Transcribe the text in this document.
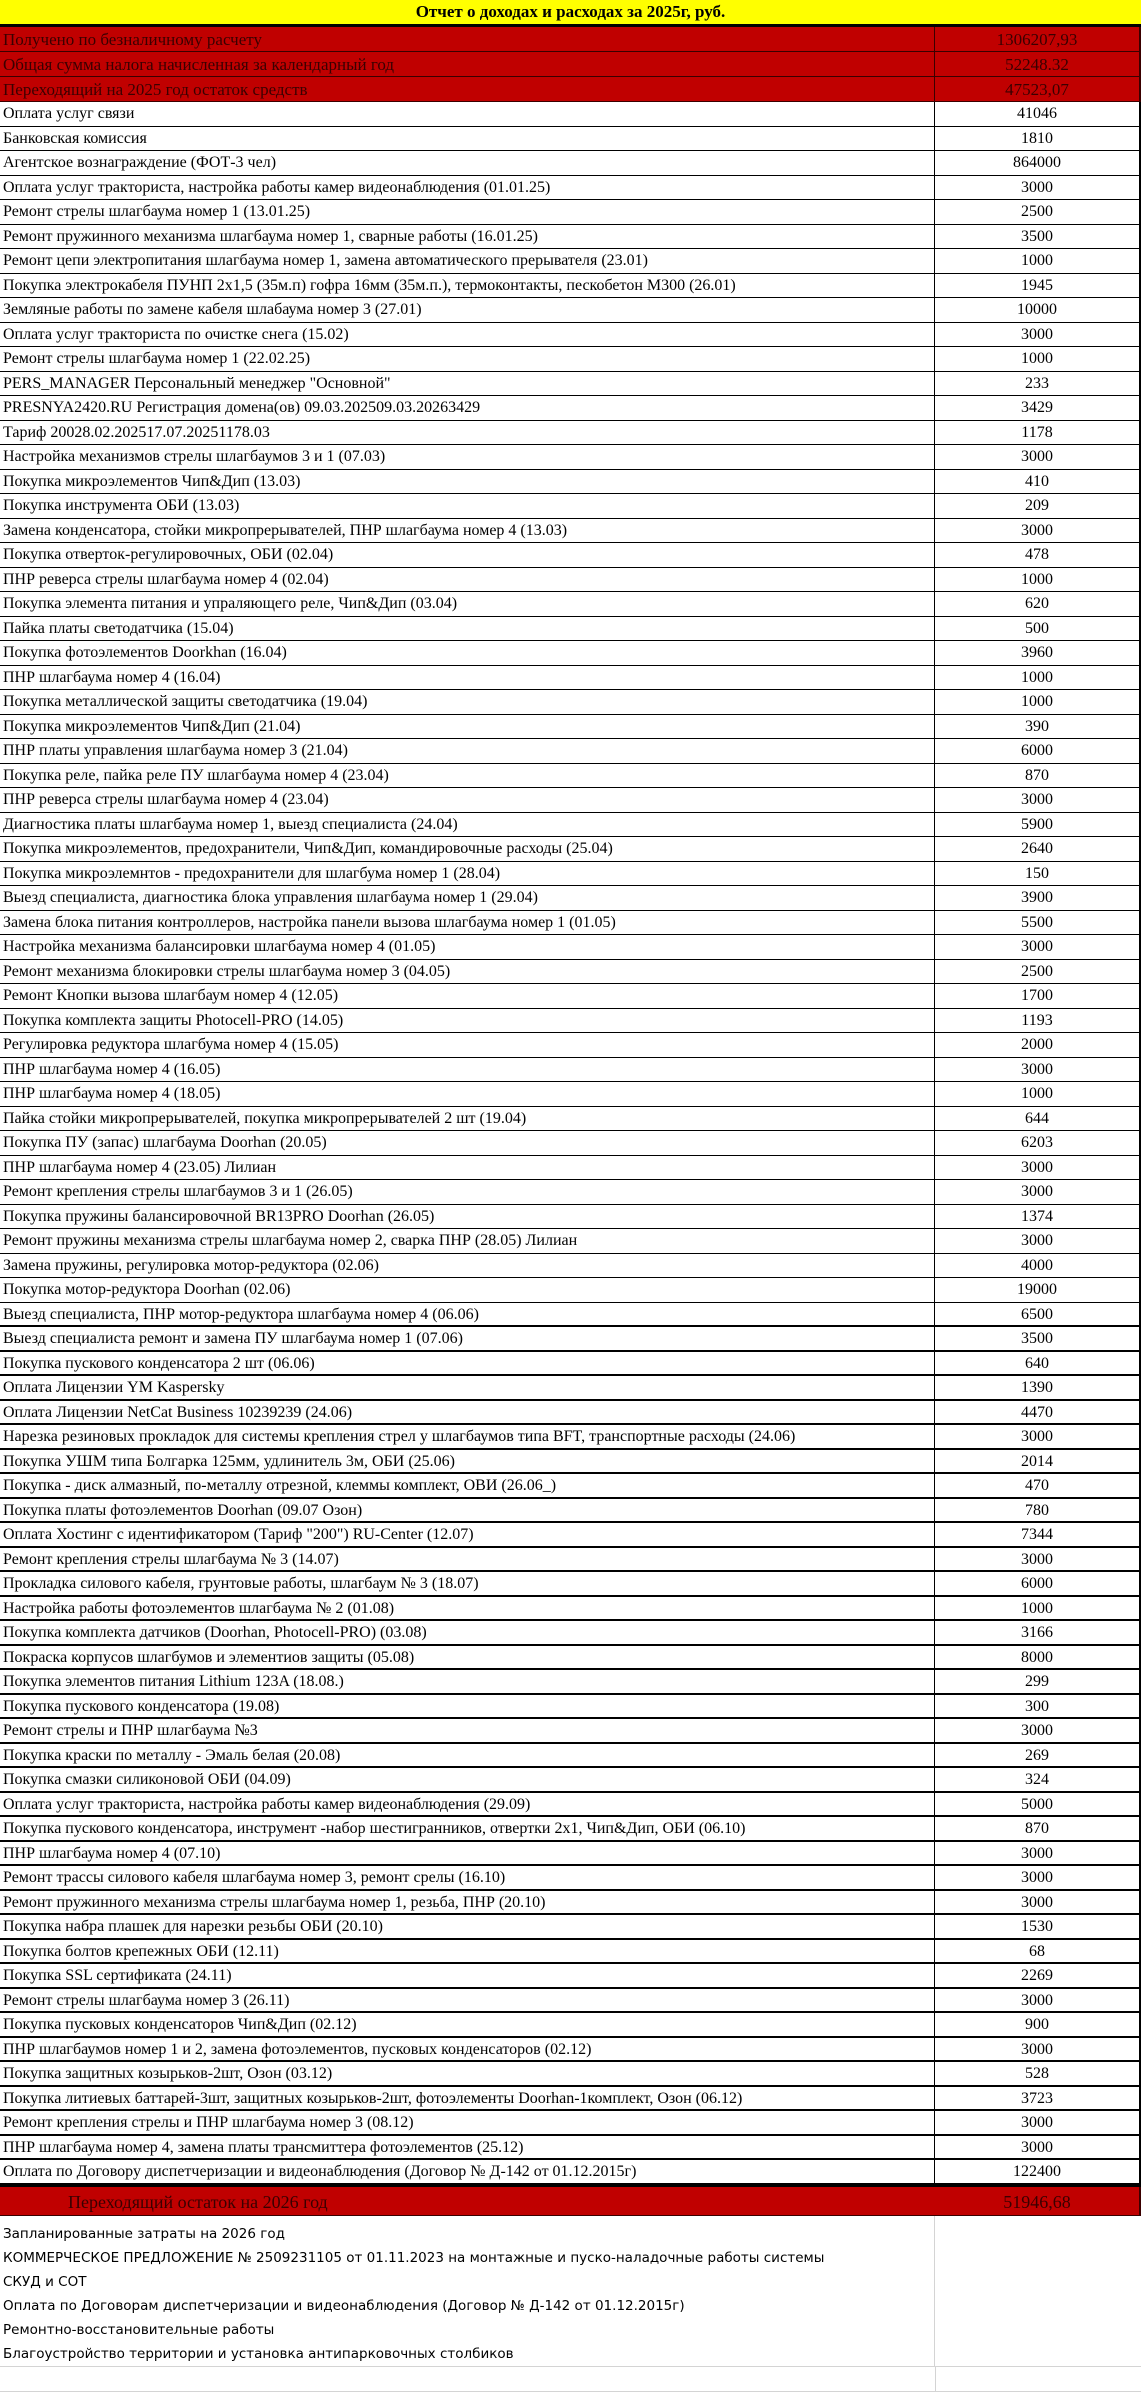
Отчет о доходах и расходах за 2025г, руб.
Получено по безналичному расчету	1306207,93
Общая сумма налога начисленная за календарный год	52248.32
Переходящий на 2025 год остаток средств	47523,07
Оплата услуг связи	41046
Банковская комиссия	1810
Агентское вознаграждение (ФОТ-3 чел)	864000
Оплата услуг тракториста, настройка работы камер видеонаблюдения (01.01.25)	3000
Ремонт стрелы шлагбаума номер 1 (13.01.25)	2500
Ремонт пружинного механизма шлагбаума номер 1, сварные работы (16.01.25)	3500
Ремонт цепи электропитания шлагбаума номер 1, замена автоматического прерывателя (23.01)	1000
Покупка электрокабеля ПУНП 2х1,5 (35м.п) гофра 16мм (35м.п.), термоконтакты, пескобетон М300 (26.01)	1945
Земляные работы по замене кабеля шлабаума номер 3 (27.01)	10000
Оплата услуг тракториста по очистке снега (15.02)	3000
Ремонт стрелы шлагбаума номер 1 (22.02.25)	1000
PERS_MANAGER Персональный менеджер "Основной"	233
PRESNYA2420.RU Регистрация домена(ов) 09.03.202509.03.20263429	3429
Тариф 20028.02.202517.07.20251178.03	1178
Настройка механизмов стрелы шлагбаумов 3 и 1 (07.03)	3000
Покупка микроэлементов Чип&Дип (13.03)	410
Покупка инструмента ОБИ (13.03)	209
Замена конденсатора, стойки микропрерывателей, ПНР шлагбаума номер 4 (13.03)	3000
Покупка отверток-регулировочных, ОБИ (02.04)	478
ПНР реверса стрелы шлагбаума номер 4 (02.04)	1000
Покупка элемента питания и упраляющего реле, Чип&Дип (03.04)	620
Пайка платы светодатчика (15.04)	500
Покупка фотоэлементов Doorkhan (16.04)	3960
ПНР шлагбаума номер 4 (16.04)	1000
Покупка металлической защиты светодатчика (19.04)	1000
Покупка микроэлементов Чип&Дип (21.04)	390
ПНР платы управления шлагбаума номер 3 (21.04)	6000
Покупка реле, пайка реле ПУ шлагбаума номер 4 (23.04)	870
ПНР реверса стрелы шлагбаума номер 4 (23.04)	3000
Диагностика платы шлагбаума номер 1, выезд специалиста (24.04)	5900
Покупка микроэлементов, предохранители, Чип&Дип, командировочные расходы (25.04)	2640
Покупка микроэлемнтов - предохранители для шлагбума номер 1 (28.04)	150
Выезд специалиста, диагностика блока управления шлагбаума номер 1 (29.04)	3900
Замена блока питания контроллеров, настройка панели вызова шлагбаума номер 1 (01.05)	5500
Настройка механизма балансировки шлагбаума номер 4 (01.05)	3000
Ремонт механизма блокировки стрелы шлагбаума номер 3 (04.05)	2500
Ремонт Кнопки вызова шлагбаум номер 4 (12.05)	1700
Покупка комплекта защиты Photocell-PRO (14.05)	1193
Регулировка редуктора шлагбума номер 4 (15.05)	2000
ПНР шлагбаума номер 4 (16.05)	3000
ПНР шлагбаума номер 4 (18.05)	1000
Пайка стойки микропрерывателей, покупка микропрерывателей 2 шт (19.04)	644
Покупка ПУ (запас) шлагбаума Doorhan (20.05)	6203
ПНР шлагбаума номер 4 (23.05) Лилиан	3000
Ремонт крепления стрелы шлагбаумов 3 и 1 (26.05)	3000
Покупка пружины балансировочной BR13PRO Doorhan (26.05)	1374
Ремонт пружины механизма стрелы шлагбаума номер 2, сварка ПНР (28.05) Лилиан	3000
Замена пружины, регулировка мотор-редуктора (02.06)	4000
Покупка мотор-редуктора Doorhan (02.06)	19000
Выезд специалиста, ПНР мотор-редуктора шлагбаума номер 4 (06.06)	6500
Выезд специалиста ремонт и замена ПУ шлагбаума номер 1 (07.06)	3500
Покупка пускового конденсатора 2 шт (06.06)	640
Оплата Лицензии YM Kaspersky	1390
Оплата Лицензии NetCat Business 10239239 (24.06)	4470
Нарезка резиновых прокладок для системы крепления стрел у шлагбаумов типа BFT, транспортные расходы (24.06)	3000
Покупка УШМ типа Болгарка 125мм, удлинитель 3м, ОБИ (25.06)	2014
Покупка - диск алмазный, по-металлу отрезной, клеммы комплект, ОВИ (26.06_)	470
Покупка платы фотоэлементов Doorhan (09.07 Озон)	780
Оплата Хостинг с идентификатором (Тариф "200") RU-Center (12.07)	7344
Ремонт крепления стрелы шлагбаума № 3 (14.07)	3000
Прокладка силового кабеля, грунтовые работы, шлагбаум № 3 (18.07)	6000
Настройка работы фотоэлементов шлагбаума № 2 (01.08)	1000
Покупка комплекта датчиков (Doorhan, Photocell-PRO) (03.08)	3166
Покраска корпусов шлагбумов и элементиов защиты (05.08)	8000
Покупка элементов питания Lithium 123A (18.08.)	299
Покупка пускового конденсатора (19.08)	300
Ремонт стрелы и ПНР шлагбаума №3	3000
Покупка краски по металлу - Эмаль белая (20.08)	269
Покупка смазки силиконовой ОБИ (04.09)	324
Оплата услуг тракториста, настройка работы камер видеонаблюдения (29.09)	5000
Покупка пускового конденсатора, инструмент -набор шестигранников, отвертки 2х1, Чип&Дип, ОБИ (06.10)	870
ПНР шлагбаума номер 4 (07.10)	3000
Ремонт трассы силового кабеля шлагбаума номер 3, ремонт срелы (16.10)	3000
Ремонт пружинного механизма стрелы шлагбаума номер 1, резьба, ПНР (20.10)	3000
Покупка набра плашек для нарезки резьбы ОБИ (20.10)	1530
Покупка болтов крепежных ОБИ (12.11)	68
Покупка SSL сертификата (24.11)	2269
Ремонт стрелы шлагбаума номер 3 (26.11)	3000
Покупка пусковых конденсаторов Чип&Дип (02.12)	900
ПНР шлагбаумов номер 1 и 2, замена фотоэлементов, пусковых конденсаторов (02.12)	3000
Покупка защитных козырьков-2шт, Озон (03.12)	528
Покупка литиевых баттарей-3шт, защитных козырьков-2шт, фотоэлементы Doorhan-1комплект, Озон (06.12)	3723
Ремонт крепления стрелы и ПНР шлагбаума номер 3 (08.12)	3000
ПНР шлагбаума номер 4, замена платы трансмиттера фотоэлементов (25.12)	3000
Оплата по Договору диспетчеризации и видеонаблюдения (Договор № Д-142 от 01.12.2015г)	122400
Переходящий остаток на 2026 год	51946,68
Запланированные затраты на 2026 год
КОММЕРЧЕСКОЕ ПРЕДЛОЖЕНИЕ № 2509231105 от 01.11.2023 на монтажные и пуско-наладочные работы системы
СКУД и СОТ
Оплата по Договорам диспетчеризации и видеонаблюдения (Договор № Д-142 от 01.12.2015г)
Ремонтно-восстановительные работы
Благоустройство территории и установка антипарковочных столбиков
